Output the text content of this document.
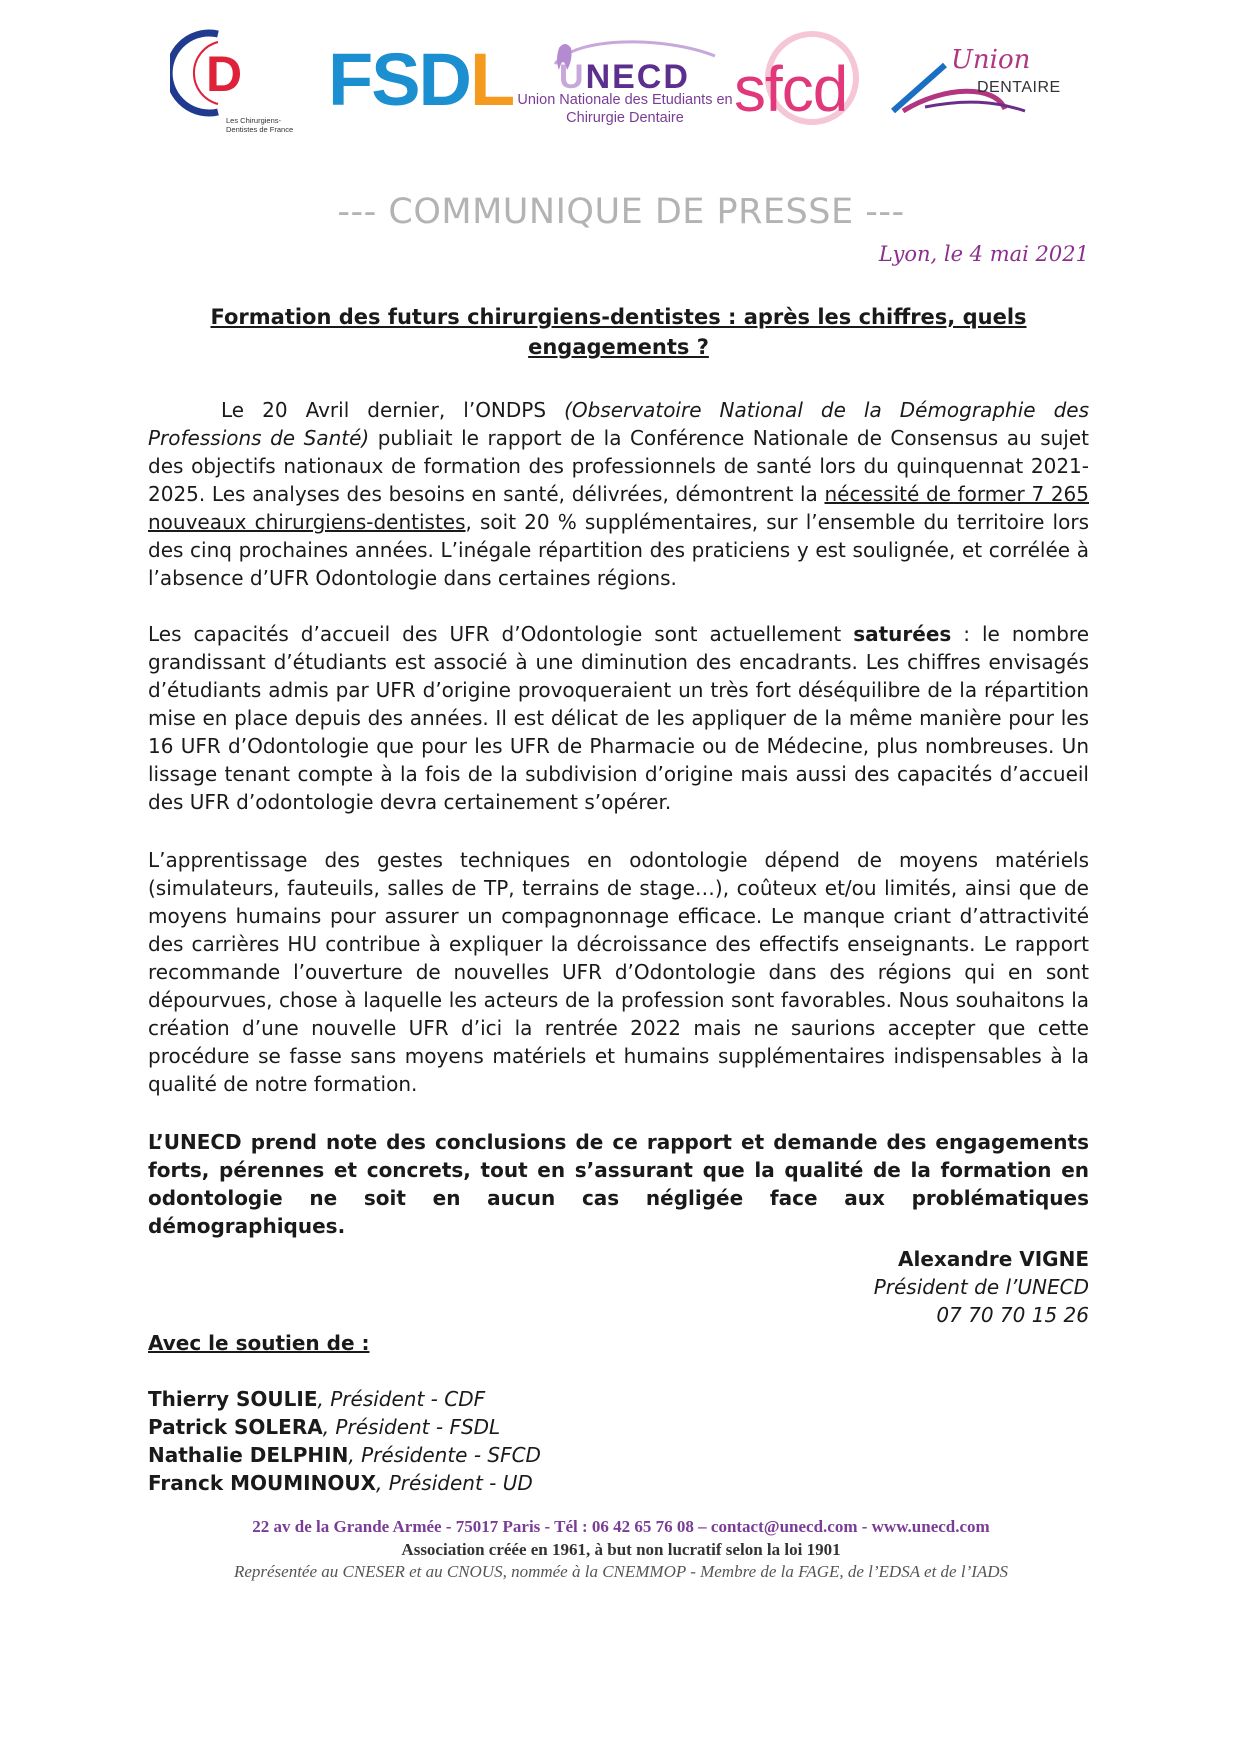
D
Les Chirurgiens-Dentistes de France
FSDL UNECD
Union Nationale des Etudiants en Chirurgie Dentaire sfcd	Union
DENTAIRE
--- COMMUNIQUE DE PRESSE ---
Lyon, le 4 mai 2021
Formation des futurs chirurgiens-dentistes : après les chiffres, quels engagements ?

Le 20 Avril dernier, l’ONDPS (Observatoire National de la Démographie des Professions de Santé) publiait le rapport de la Conférence Nationale de Consensus au sujet des objectifs nationaux de formation des professionnels de santé lors du quinquennat 2021-2025. Les analyses des besoins en santé, délivrées, démontrent la nécessité de former 7 265 nouveaux chirurgiens-dentistes, soit 20 % supplémentaires, sur l’ensemble du territoire lors des cinq prochaines années. L’inégale répartition des praticiens y est soulignée, et corrélée à l’absence d’UFR Odontologie dans certaines régions.

Les capacités d’accueil des UFR d’Odontologie sont actuellement saturées : le nombre grandissant d’étudiants est associé à une diminution des encadrants. Les chiffres envisagés d’étudiants admis par UFR d’origine provoqueraient un très fort déséquilibre de la répartition mise en place depuis des années. Il est délicat de les appliquer de la même manière pour les 16 UFR d’Odontologie que pour les UFR de Pharmacie ou de Médecine, plus nombreuses. Un lissage tenant compte à la fois de la subdivision d’origine mais aussi des capacités d’accueil des UFR d’odontologie devra certainement s’opérer.

L’apprentissage des gestes techniques en odontologie dépend de moyens matériels (simulateurs, fauteuils, salles de TP, terrains de stage…), coûteux et/ou limités, ainsi que de moyens humains pour assurer un compagnonnage efficace. Le manque criant d’attractivité des carrières HU contribue à expliquer la décroissance des effectifs enseignants. Le rapport recommande l’ouverture de nouvelles UFR d’Odontologie dans des régions qui en sont dépourvues, chose à laquelle les acteurs de la profession sont favorables. Nous souhaitons la création d’une nouvelle UFR d’ici la rentrée 2022 mais ne saurions accepter que cette procédure se fasse sans moyens matériels et humains supplémentaires indispensables à la qualité de notre formation.

L’UNECD prend note des conclusions de ce rapport et demande des engagements forts, pérennes et concrets, tout en s’assurant que la qualité de la formation en odontologie ne soit en aucun cas négligée face aux problématiques démographiques.

Alexandre VIGNE
Président de l’UNECD
07 70 70 15 26
Avec le soutien de :
Thierry SOULIE, Président - CDF
Patrick SOLERA, Président - FSDL
Nathalie DELPHIN, Présidente - SFCD
Franck MOUMINOUX, Président - UD
22 av de la Grande Armée - 75017 Paris - Tél : 06 42 65 76 08 – contact@unecd.com - www.unecd.com
Association créée en 1961, à but non lucratif selon la loi 1901
Représentée au CNESER et au CNOUS, nommée à la CNEMMOP - Membre de la FAGE, de l’EDSA et de l’IADS
